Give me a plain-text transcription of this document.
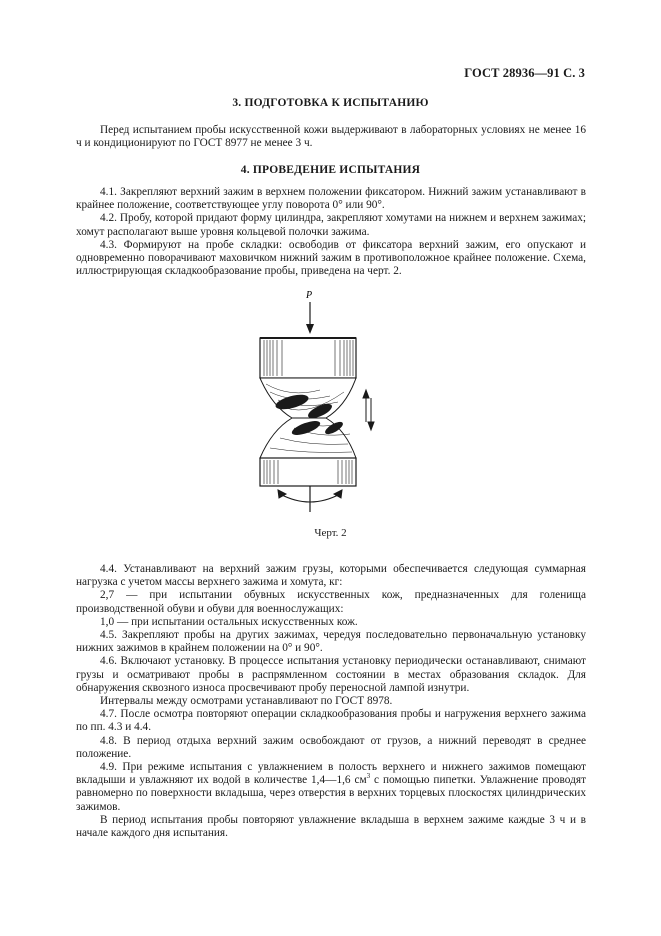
ГОСТ 28936—91 С. 3
3. ПОДГОТОВКА К ИСПЫТАНИЮ

Перед испытанием пробы искусственной кожи выдерживают в лабораторных условиях не менее 16 ч и кондиционируют по ГОСТ 8977 не менее 3 ч.

4. ПРОВЕДЕНИЕ ИСПЫТАНИЯ

4.1. Закрепляют верхний зажим в верхнем положении фиксатором. Нижний зажим устанавливают в крайнее положение, соответствующее углу поворота 0° или 90°.

4.2. Пробу, которой придают форму цилиндра, закрепляют хомутами на нижнем и верхнем зажимах; хомут располагают выше уровня кольцевой полочки зажима.

4.3. Формируют на пробе складки: освободив от фиксатора верхний зажим, его опускают и одновременно поворачивают маховичком нижний зажим в противоположное крайнее положение. Схема, иллюстрирующая складкообразование пробы, приведена на черт. 2.

P
Черт. 2

4.4. Устанавливают на верхний зажим грузы, которыми обеспечивается следующая суммарная нагрузка с учетом массы верхнего зажима и хомута, кг:

2,7 — при испытании обувных искусственных кож, предназначенных для голенища производственной обуви и обуви для военнослужащих:

1,0 — при испытании остальных искусственных кож.

4.5. Закрепляют пробы на других зажимах, чередуя последовательно первоначальную установку нижних зажимов в крайнем положении на 0° и 90°.

4.6. Включают установку. В процессе испытания установку периодически останавливают, снимают грузы и осматривают пробы в распрямленном состоянии в местах образования складок. Для обнаружения сквозного износа просвечивают пробу переносной лампой изнутри.

Интервалы между осмотрами устанавливают по ГОСТ 8978.

4.7. После осмотра повторяют операции складкообразования пробы и нагружения верхнего зажима по пп. 4.3 и 4.4.

4.8. В период отдыха верхний зажим освобождают от грузов, а нижний переводят в среднее положение.

4.9. При режиме испытания с увлажнением в полость верхнего и нижнего зажимов помещают вкладыши и увлажняют их водой в количестве 1,4—1,6 $см^3$ с помощью пипетки. Увлажнение проводят равномерно по поверхности вкладыша, через отверстия в верхних торцевых плоскостях цилиндрических зажимов.

В период испытания пробы повторяют увлажнение вкладыша в верхнем зажиме каждые 3 ч и в начале каждого дня испытания.
